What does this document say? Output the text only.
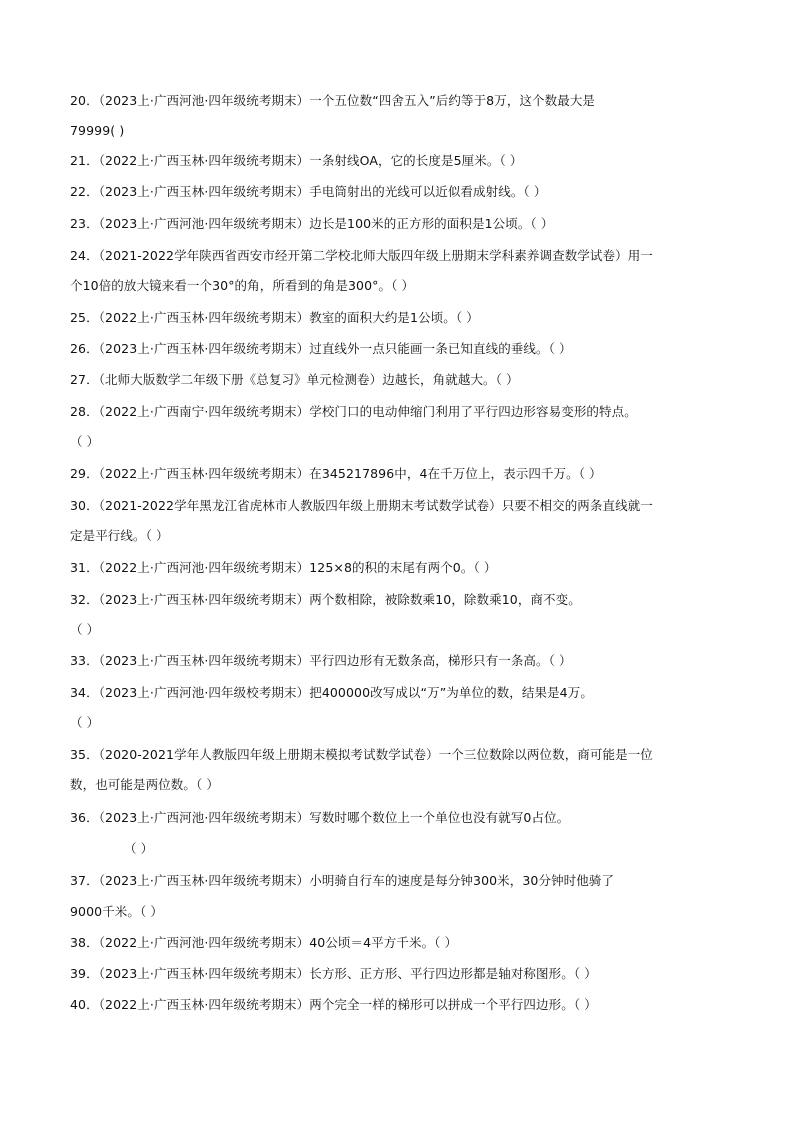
20．（2023上·广西河池·四年级统考期末）一个五位数“四舍五入”后约等于8万，这个数最大是
79999( )
21．（2022上·广西玉林·四年级统考期末）一条射线OA，它的长度是5厘米。（ ）
22．（2023上·广西玉林·四年级统考期末）手电筒射出的光线可以近似看成射线。（ ）
23．（2023上·广西河池·四年级统考期末）边长是100米的正方形的面积是1公顷。（ ）
24．（2021-2022学年陕西省西安市经开第二学校北师大版四年级上册期末学科素养调查数学试卷）用一
个10倍的放大镜来看一个30°的角，所看到的角是300°。（ ）
25．（2022上·广西玉林·四年级统考期末）教室的面积大约是1公顷。（ ）
26．（2023上·广西玉林·四年级统考期末）过直线外一点只能画一条已知直线的垂线。（ ）
27．（北师大版数学二年级下册《总复习》单元检测卷）边越长，角就越大。（ ）
28．（2022上·广西南宁·四年级统考期末）学校门口的电动伸缩门利用了平行四边形容易变形的特点。
（ ）
29．（2022上·广西玉林·四年级统考期末）在345217896中，4在千万位上，表示四千万。（ ）
30．（2021-2022学年黑龙江省虎林市人教版四年级上册期末考试数学试卷）只要不相交的两条直线就一
定是平行线。（ ）
31．（2022上·广西河池·四年级统考期末）125×8的积的末尾有两个0。（ ）
32．（2023上·广西玉林·四年级统考期末）两个数相除，被除数乘10，除数乘10，商不变。
（ ）
33．（2023上·广西玉林·四年级统考期末）平行四边形有无数条高，梯形只有一条高。（ ）
34．（2023上·广西河池·四年级校考期末）把400000改写成以“万”为单位的数，结果是4万。
（ ）
35．（2020-2021学年人教版四年级上册期末模拟考试数学试卷）一个三位数除以两位数，商可能是一位
数，也可能是两位数。（ ）
36．（2023上·广西河池·四年级统考期末）写数时哪个数位上一个单位也没有就写0占位。
（ ）
37．（2023上·广西玉林·四年级统考期末）小明骑自行车的速度是每分钟300米，30分钟时他骑了
9000千米。（ ）
38．（2022上·广西河池·四年级统考期末）40公顷＝4平方千米。（ ）
39．（2023上·广西玉林·四年级统考期末）长方形、正方形、平行四边形都是轴对称图形。（ ）
40．（2022上·广西玉林·四年级统考期末）两个完全一样的梯形可以拼成一个平行四边形。（ ）
